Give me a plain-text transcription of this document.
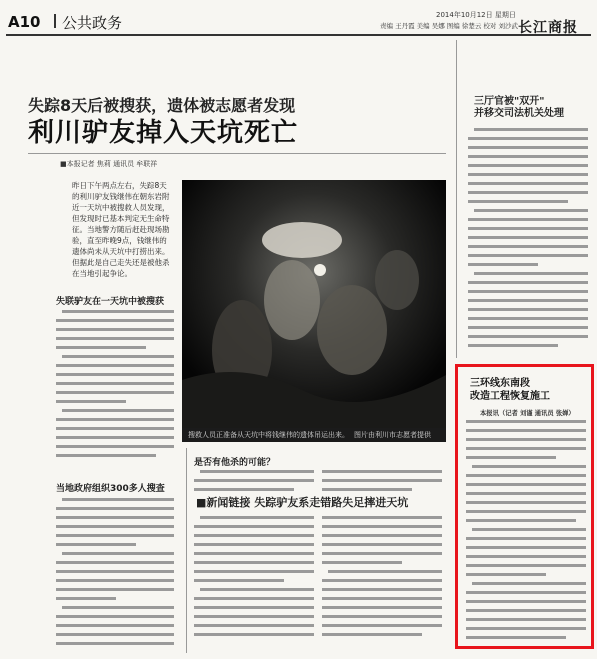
A10 公共政务	2014年10月12日 星期日
责编 王丹霞 美编 吴娜 图编 徐楚云 校对 刘沙武 长江商报
失踪8天后被搜获，遗体被志愿者发现
利川驴友掉入天坑死亡
■本报记者 焦莉 通讯员 牟联祥
昨日下午两点左右，失踪8天的利川驴友钱继伟在朝东岩附近一天坑中被搜救人员发现，但发现时已基本判定无生命特征。当地警方随后赶赴现场勘验，直至昨晚9点，钱继伟的遗体尚未从天坑中打捞出来。但据此是自己走失还是被他杀在当地引起争论。
失联驴友在一天坑中被搜获
当地政府组织300多人搜查
搜救人员正准备从天坑中将钱继伟的遗体吊运出来。 图片由利川市志愿者提供
是否有他杀的可能？
■新闻链接 失踪驴友系走错路失足摔进天坑
三厅官被"双开"
并移交司法机关处理
三环线东南段
改造工程恢复施工
本报讯（记者 刘谨 通讯员 张婵）
